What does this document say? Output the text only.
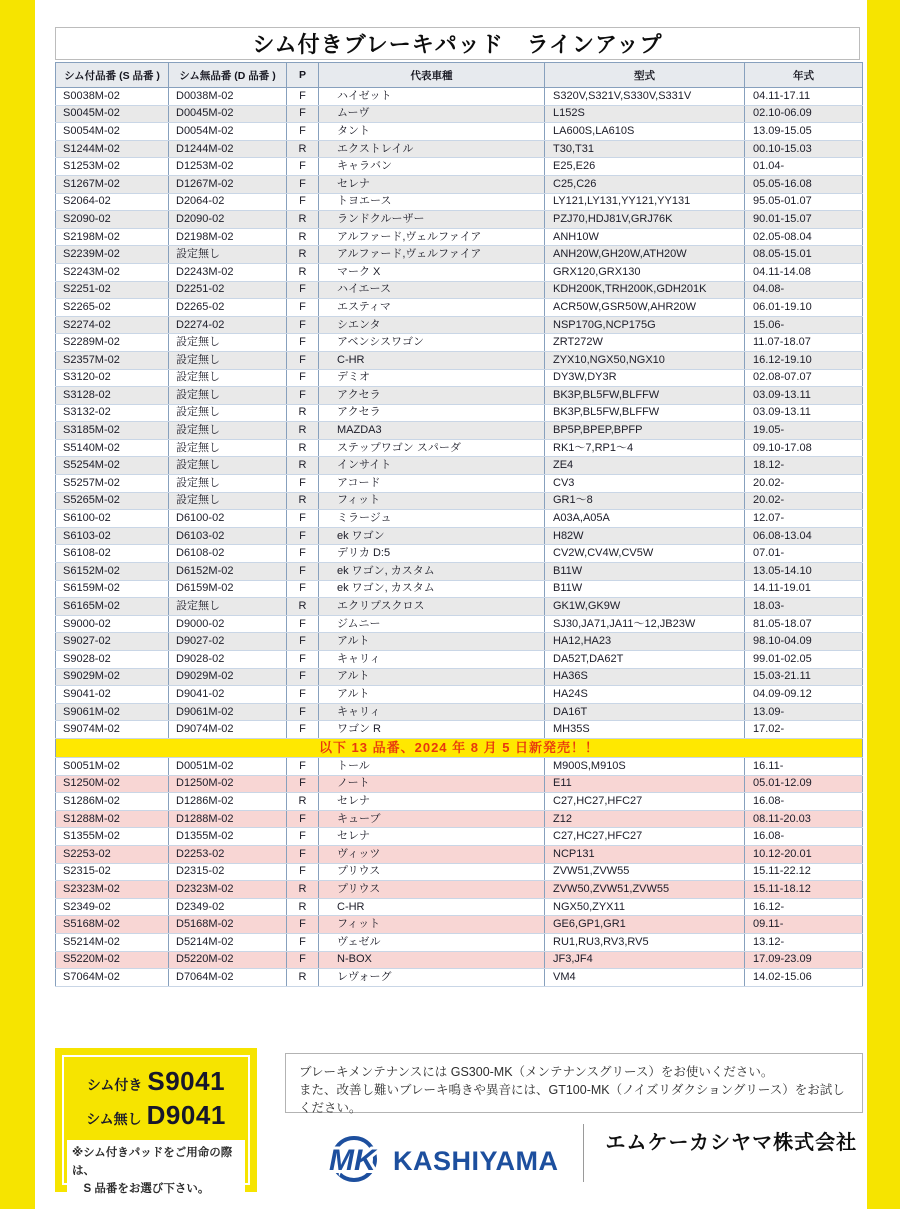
シム付きブレーキパッド　ラインアップ
シム付品番 (S 品番 )	シム無品番 (D 品番 )	P	代表車種	型式	年式
S0038M-02	D0038M-02	F	ハイゼット	S320V,S321V,S330V,S331V	04.11-17.11
S0045M-02	D0045M-02	F	ムーヴ	L152S	02.10-06.09
S0054M-02	D0054M-02	F	タント	LA600S,LA610S	13.09-15.05
S1244M-02	D1244M-02	R	エクストレイル	T30,T31	00.10-15.03
S1253M-02	D1253M-02	F	キャラバン	E25,E26	01.04-
S1267M-02	D1267M-02	F	セレナ	C25,C26	05.05-16.08
S2064-02	D2064-02	F	トヨエース	LY121,LY131,YY121,YY131	95.05-01.07
S2090-02	D2090-02	R	ランドクルーザー	PZJ70,HDJ81V,GRJ76K	90.01-15.07
S2198M-02	D2198M-02	R	アルファード,ヴェルファイア	ANH10W	02.05-08.04
S2239M-02	設定無し	R	アルファード,ヴェルファイア	ANH20W,GH20W,ATH20W	08.05-15.01
S2243M-02	D2243M-02	R	マーク X	GRX120,GRX130	04.11-14.08
S2251-02	D2251-02	F	ハイエース	KDH200K,TRH200K,GDH201K	04.08-
S2265-02	D2265-02	F	エスティマ	ACR50W,GSR50W,AHR20W	06.01-19.10
S2274-02	D2274-02	F	シエンタ	NSP170G,NCP175G	15.06-
S2289M-02	設定無し	F	アベンシスワゴン	ZRT272W	11.07-18.07
S2357M-02	設定無し	F	C-HR	ZYX10,NGX50,NGX10	16.12-19.10
S3120-02	設定無し	F	デミオ	DY3W,DY3R	02.08-07.07
S3128-02	設定無し	F	アクセラ	BK3P,BL5FW,BLFFW	03.09-13.11
S3132-02	設定無し	R	アクセラ	BK3P,BL5FW,BLFFW	03.09-13.11
S3185M-02	設定無し	R	MAZDA3	BP5P,BPEP,BPFP	19.05-
S5140M-02	設定無し	R	ステップワゴン スパーダ	RK1～7,RP1～4	09.10-17.08
S5254M-02	設定無し	R	インサイト	ZE4	18.12-
S5257M-02	設定無し	F	アコード	CV3	20.02-
S5265M-02	設定無し	R	フィット	GR1～8	20.02-
S6100-02	D6100-02	F	ミラージュ	A03A,A05A	12.07-
S6103-02	D6103-02	F	ek ワゴン	H82W	06.08-13.04
S6108-02	D6108-02	F	デリカ D:5	CV2W,CV4W,CV5W	07.01-
S6152M-02	D6152M-02	F	ek ワゴン, カスタム	B11W	13.05-14.10
S6159M-02	D6159M-02	F	ek ワゴン, カスタム	B11W	14.11-19.01
S6165M-02	設定無し	R	エクリプスクロス	GK1W,GK9W	18.03-
S9000-02	D9000-02	F	ジムニー	SJ30,JA71,JA11～12,JB23W	81.05-18.07
S9027-02	D9027-02	F	アルト	HA12,HA23	98.10-04.09
S9028-02	D9028-02	F	キャリィ	DA52T,DA62T	99.01-02.05
S9029M-02	D9029M-02	F	アルト	HA36S	15.03-21.11
S9041-02	D9041-02	F	アルト	HA24S	04.09-09.12
S9061M-02	D9061M-02	F	キャリィ	DA16T	13.09-
S9074M-02	D9074M-02	F	ワゴン R	MH35S	17.02-
以下 13 品番、2024 年 8 月 5 日新発売！！					
S0051M-02	D0051M-02	F	トール	M900S,M910S	16.11-
S1250M-02	D1250M-02	F	ノート	E11	05.01-12.09
S1286M-02	D1286M-02	R	セレナ	C27,HC27,HFC27	16.08-
S1288M-02	D1288M-02	F	キューブ	Z12	08.11-20.03
S1355M-02	D1355M-02	F	セレナ	C27,HC27,HFC27	16.08-
S2253-02	D2253-02	F	ヴィッツ	NCP131	10.12-20.01
S2315-02	D2315-02	F	プリウス	ZVW51,ZVW55	15.11-22.12
S2323M-02	D2323M-02	R	プリウス	ZVW50,ZVW51,ZVW55	15.11-18.12
S2349-02	D2349-02	R	C-HR	NGX50,ZYX11	16.12-
S5168M-02	D5168M-02	F	フィット	GE6,GP1,GR1	09.11-
S5214M-02	D5214M-02	F	ヴェゼル	RU1,RU3,RV3,RV5	13.12-
S5220M-02	D5220M-02	F	N-BOX	JF3,JF4	17.09-23.09
S7064M-02	D7064M-02	R	レヴォーグ	VM4	14.02-15.06
シム付き S9041
シム無し D9041
※シム付きパッドをご用命の際は、
　S 品番をお選び下さい。
ブレーキメンテナンスには GS300-MK（メンテナンスグリース）をお使いください。
また、改善し難いブレーキ鳴きや異音には、GT100-MK（ノイズリダクショングリース）をお試しください。
MK KASHIYAMA
エムケーカシヤマ株式会社
